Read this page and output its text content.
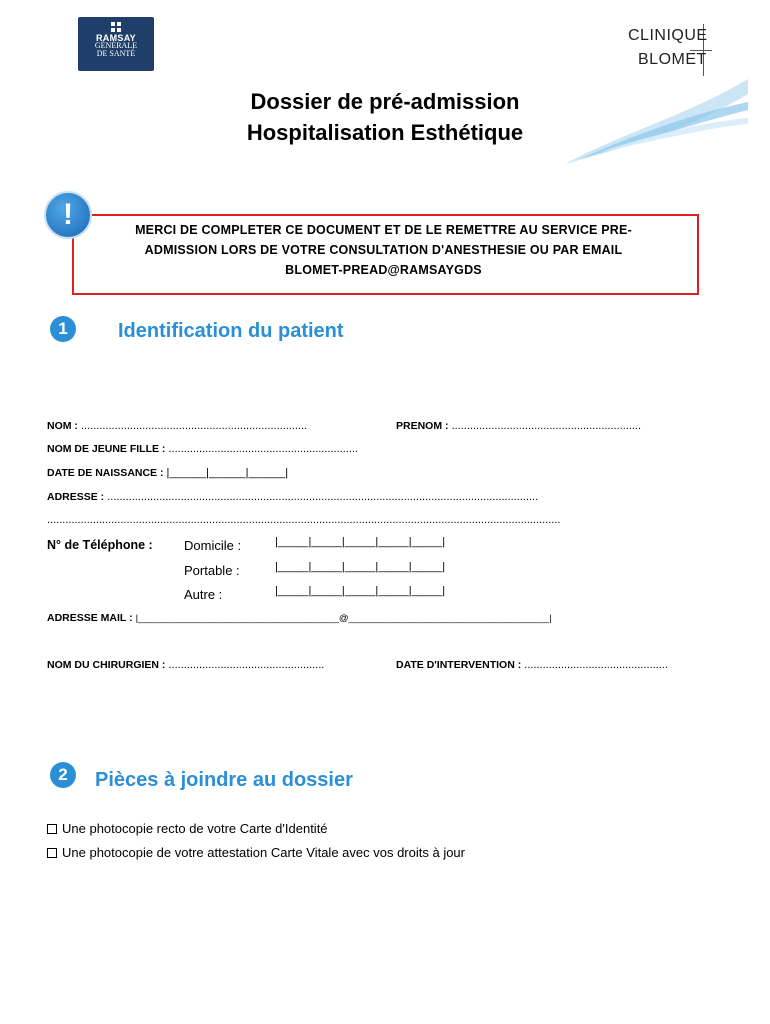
RAMSAY
GÉNÉRALE
DE SANTÉ
CLINIQUE
BLOMET
Dossier de pré-admission
Hospitalisation Esthétique
!	MERCI DE COMPLETER CE DOCUMENT ET DE LE REMETTRE AU SERVICE PRE-
ADMISSION LORS DE VOTRE CONSULTATION D'ANESTHESIE OU PAR EMAIL
BLOMET-PREAD@RAMSAYGDS
1	Identification du patient
NOM : ..........................................................................	PRENOM : ..............................................................
NOM DE JEUNE FILLE : ..............................................................
DATE DE NAISSANCE : |______|______|______|
ADRESSE : .............................................................................................................................................
........................................................................................................................................................................
N° de Téléphone : Domicile :	|_____|_____|_____|_____|_____|
Portable :	|_____|_____|_____|_____|_____|
Autre :	|_____|_____|_____|_____|_____|
ADRESSE MAIL : |______________________________________@______________________________________|
NOM DU CHIRURGIEN : ...................................................	DATE D'INTERVENTION : ...............................................
2	Pièces à joindre au dossier
Une photocopie recto de votre Carte d'Identité
Une photocopie de votre attestation Carte Vitale avec vos droits à jour
